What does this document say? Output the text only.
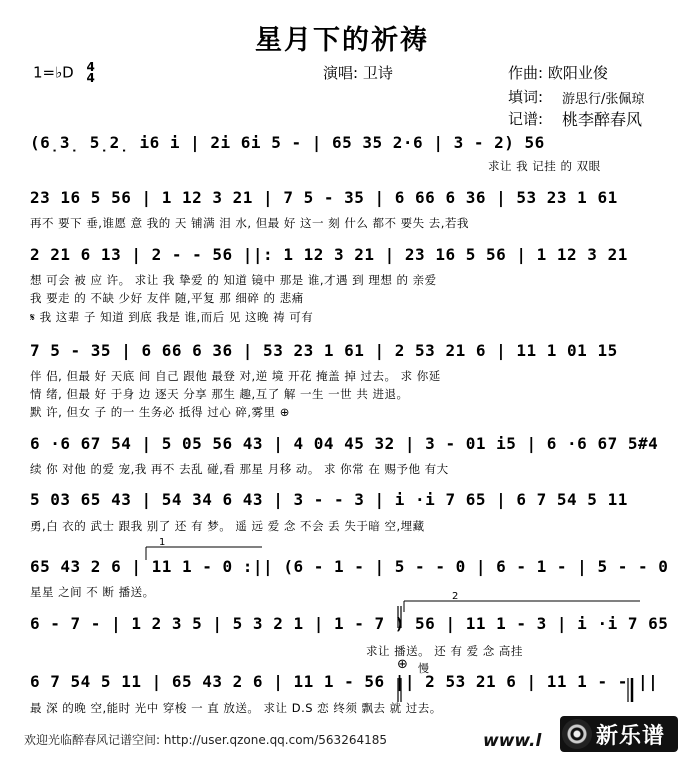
星月下的祈祷
1=♭D 4
4	演唱: 卫诗	作曲: 欧阳业俊
填词: 游思行/张佩琼
记谱: 桃李醉春风
(6̣3̣ 5̣2̣ i6 i | 2i 6i 5 - | 65 35 2·6 | 3 - 2) 56
23 16 5 56 | 1 12 3 21 | 7 5 - 35 | 6 66 6 36 | 53 23 1 61
2 21 6 13 | 2 - - 56 ||: 1 12 3 21 | 23 16 5 56 | 1 12 3 21
7 5 - 35 | 6 66 6 36 | 53 23 1 61 | 2 53 21 6 | 11 1 01 15
6 ·6 67 54 | 5 05 56 43 | 4 04 45 32 | 3 - 01 i5 | 6 ·6 67 5#4
5 03 65 43 | 54 34 6 43 | 3 - - 3 | i ·i 7 65 | 6 7 54 5 11
65 43 2 6 | 11 1 - 0 :|| (6 - 1 - | 5 - - 0 | 6 - 1 - | 5 - - 0
6 - 7 - | 1 2 3 5 | 5 3 2 1 | 1 - 7 ) 56 | 11 1 - 3 | i ·i 7 65
6 7 54 5 11 | 65 43 2 6 | 11 1 - 56 || 2 53 21 6 | 11 1 - - ||
求让 我 记挂 的 双眼
再不 要下 垂,谁愿 意 我的 天 铺满 泪 水, 但最 好 这一 刻 什么 都不 要失 去,若我
想 可会 被 应 许。 求让 我 挚爱 的 知道 镜中 那是 谁,才遇 到 理想 的 亲爱
我 要走 的 不缺 少好 友伴 随,平复 那 细碎 的 悲痛
𝄋 我 这辈 子 知道 到底 我是 谁,而后 见 这晚 祷 可有
伴 侣, 但最 好 天底 间 自己 跟他 最登 对,逆 境 开花 掩盖 掉 过去。 求 你延
情 绪, 但最 好 于身 边 逐天 分享 那生 趣,互了 解 一生 一世 共 进退。
默 许, 但女 子 的一 生务必 抵得 过心 碎,雾里 ⊕
续 你 对他 的爱 宠,我 再不 去乱 碰,看 那星 月移 动。 求 你常 在 赐予他 有大
勇,白 衣的 武士 跟我 别了 还 有 梦。 遥 远 爱 念 不会 丢 失于暗 空,埋藏
星星 之间 不 断 播送。
求让 播送。 还 有 爱 念 高挂
最 深 的晚 空,能时 光中 穿梭 一 直 放送。 求让 D.S 恋 终须 飘去 就 过去。
1
2
⊕ 慢
欢迎光临醉春风记谱空间: http://user.qzone.qq.com/563264185	www.l 新乐谱
